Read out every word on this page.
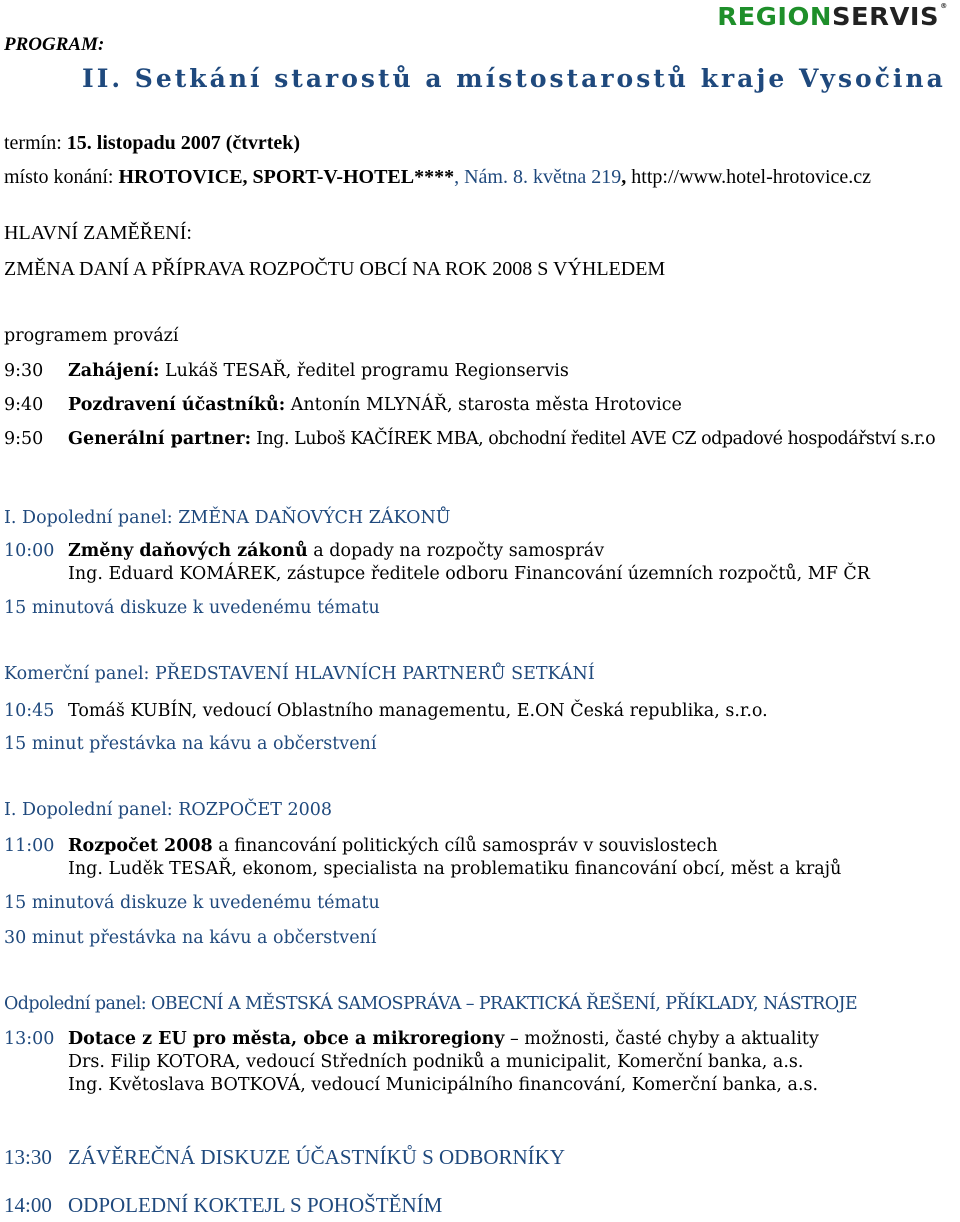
REGIONSERVIS®
PROGRAM:
II. Setkání starostů a místostarostů kraje Vysočina
termín: 15. listopadu 2007 (čtvrtek)
místo konání: HROTOVICE, SPORT-V-HOTEL****, Nám. 8. května 219, http://www.hotel-hrotovice.cz
HLAVNÍ ZAMĚŘENÍ:
ZMĚNA DANÍ A PŘÍPRAVA ROZPOČTU OBCÍ NA ROK 2008 S VÝHLEDEM
programem provází
9:30 Zahájení: Lukáš TESAŘ, ředitel programu Regionservis
9:40 Pozdravení účastníků: Antonín MLYNÁŘ, starosta města Hrotovice
9:50 Generální partner: Ing. Luboš KAČÍREK MBA, obchodní ředitel AVE CZ odpadové hospodářství s.r.o
I. Dopolední panel: ZMĚNA DAŇOVÝCH ZÁKONŮ
10:00 Změny daňových zákonů a dopady na rozpočty samospráv
Ing. Eduard KOMÁREK, zástupce ředitele odboru Financování územních rozpočtů, MF ČR
15 minutová diskuze k uvedenému tématu
Komerční panel: PŘEDSTAVENÍ HLAVNÍCH PARTNERŮ SETKÁNÍ
10:45 Tomáš KUBÍN, vedoucí Oblastního managementu, E.ON Česká republika, s.r.o.
15 minut přestávka na kávu a občerstvení
I. Dopolední panel: ROZPOČET 2008
11:00 Rozpočet 2008 a financování politických cílů samospráv v souvislostech
Ing. Luděk TESAŘ, ekonom, specialista na problematiku financování obcí, měst a krajů
15 minutová diskuze k uvedenému tématu
30 minut přestávka na kávu a občerstvení
Odpolední panel: OBECNÍ A MĚSTSKÁ SAMOSPRÁVA – PRAKTICKÁ ŘEŠENÍ, PŘÍKLADY, NÁSTROJE
13:00 Dotace z EU pro města, obce a mikroregiony – možnosti, časté chyby a aktuality
Drs. Filip KOTORA, vedoucí Středních podniků a municipalit, Komerční banka, a.s.
Ing. Květoslava BOTKOVÁ, vedoucí Municipálního financování, Komerční banka, a.s.
13:30 ZÁVĚREČNÁ DISKUZE ÚČASTNÍKŮ S ODBORNÍKY
14:00 ODPOLEDNÍ KOKTEJL S POHOŠTĚNÍM
